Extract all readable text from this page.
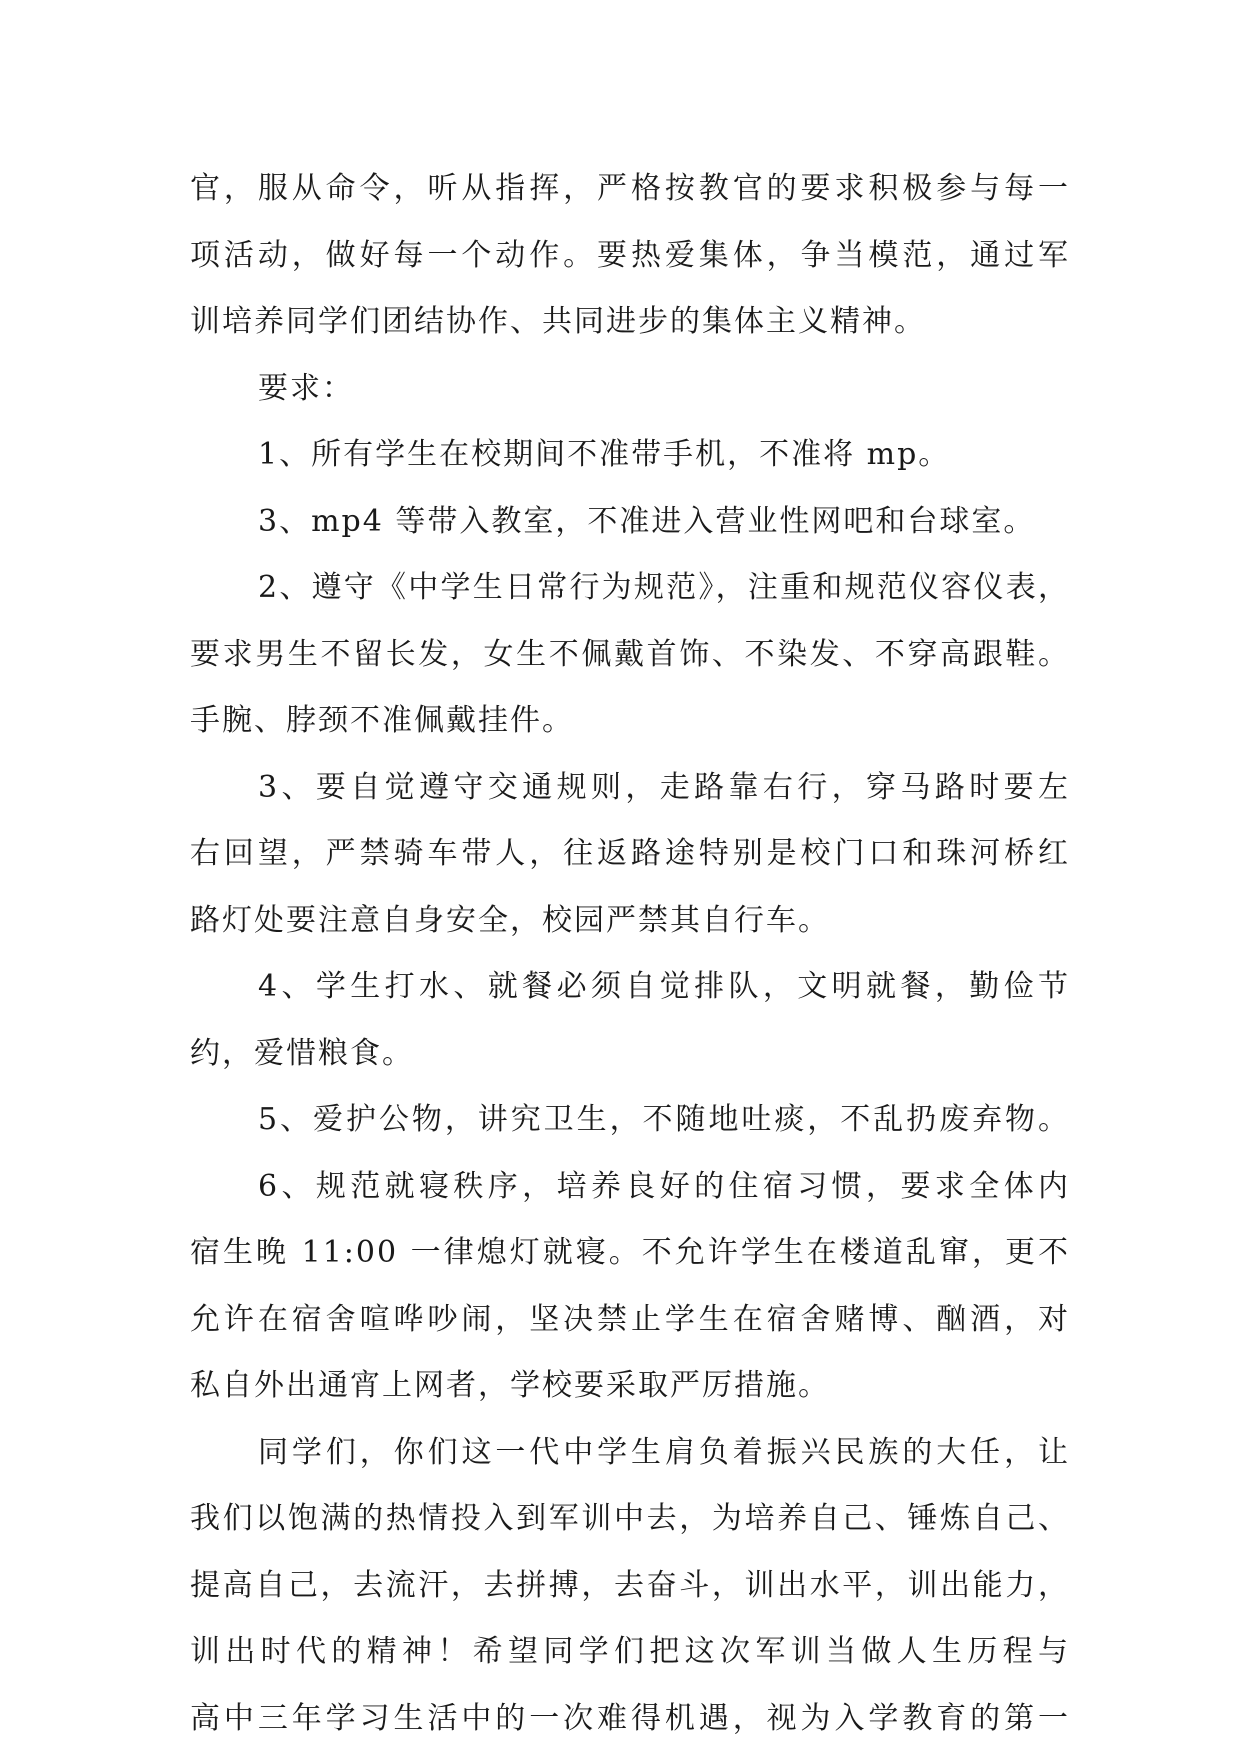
官，服从命令，听从指挥，严格按教官的要求积极参与每一
项活动，做好每一个动作。要热爱集体，争当模范，通过军
训培养同学们团结协作、共同进步的集体主义精神。
要求：
1、所有学生在校期间不准带手机，不准将 mp。
3、mp4 等带入教室，不准进入营业性网吧和台球室。
2、遵守《中学生日常行为规范》，注重和规范仪容仪表，
要求男生不留长发，女生不佩戴首饰、不染发、不穿高跟鞋。
手腕、脖颈不准佩戴挂件。
3、要自觉遵守交通规则，走路靠右行，穿马路时要左
右回望，严禁骑车带人，往返路途特别是校门口和珠河桥红
路灯处要注意自身安全，校园严禁其自行车。
4、学生打水、就餐必须自觉排队，文明就餐，勤俭节
约，爱惜粮食。
5、爱护公物，讲究卫生，不随地吐痰，不乱扔废弃物。
6、规范就寝秩序，培养良好的住宿习惯，要求全体内
宿生晚 11:00 一律熄灯就寝。不允许学生在楼道乱窜，更不
允许在宿舍喧哗吵闹，坚决禁止学生在宿舍赌博、酗酒，对
私自外出通宵上网者，学校要采取严厉措施。
同学们，你们这一代中学生肩负着振兴民族的大任，让
我们以饱满的热情投入到军训中去，为培养自己、锤炼自己、
提高自己，去流汗，去拼搏，去奋斗，训出水平，训出能力，
训出时代的精神！希望同学们把这次军训当做人生历程与
高中三年学习生活中的一次难得机遇，视为入学教育的第一
